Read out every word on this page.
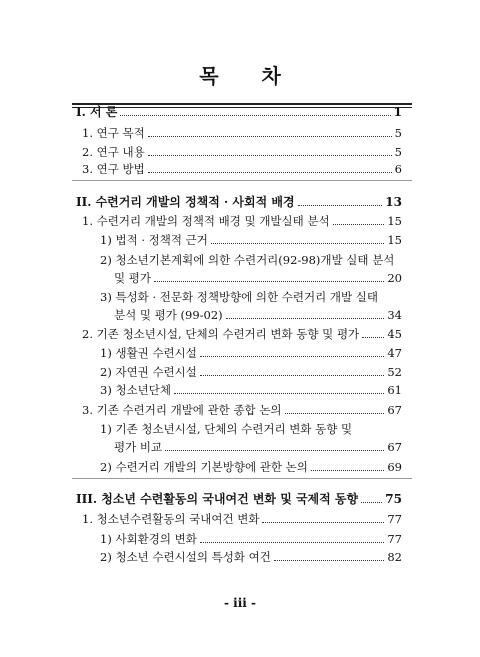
목 차
I. 서 론	1
1. 연구 목적	5
2. 연구 내용	5
3. 연구 방법	6
II. 수련거리 개발의 정책적 · 사회적 배경	13
1. 수련거리 개발의 정책적 배경 및 개발실태 분석	15
1) 법적 · 정책적 근거	15
2) 청소년기본계획에 의한 수련거리(92-98)개발 실태 분석
및 평가	20
3) 특성화 · 전문화 정책방향에 의한 수련거리 개발 실태
분석 및 평가 (99-02)	34
2. 기존 청소년시설, 단체의 수련거리 변화 동향 및 평가 45
1) 생활권 수련시설	47
2) 자연권 수련시설	52
3) 청소년단체	61
3. 기존 수련거리 개발에 관한 종합 논의	67
1) 기존 청소년시설, 단체의 수련거리 변화 동향 및
평가 비교	67
2) 수련거리 개발의 기본방향에 관한 논의	69
III. 청소년 수련활동의 국내여건 변화 및 국제적 동향 75
1. 청소년수련활동의 국내여건 변화	77
1) 사회환경의 변화	77
2) 청소년 수련시설의 특성화 여건	82
- iii -
